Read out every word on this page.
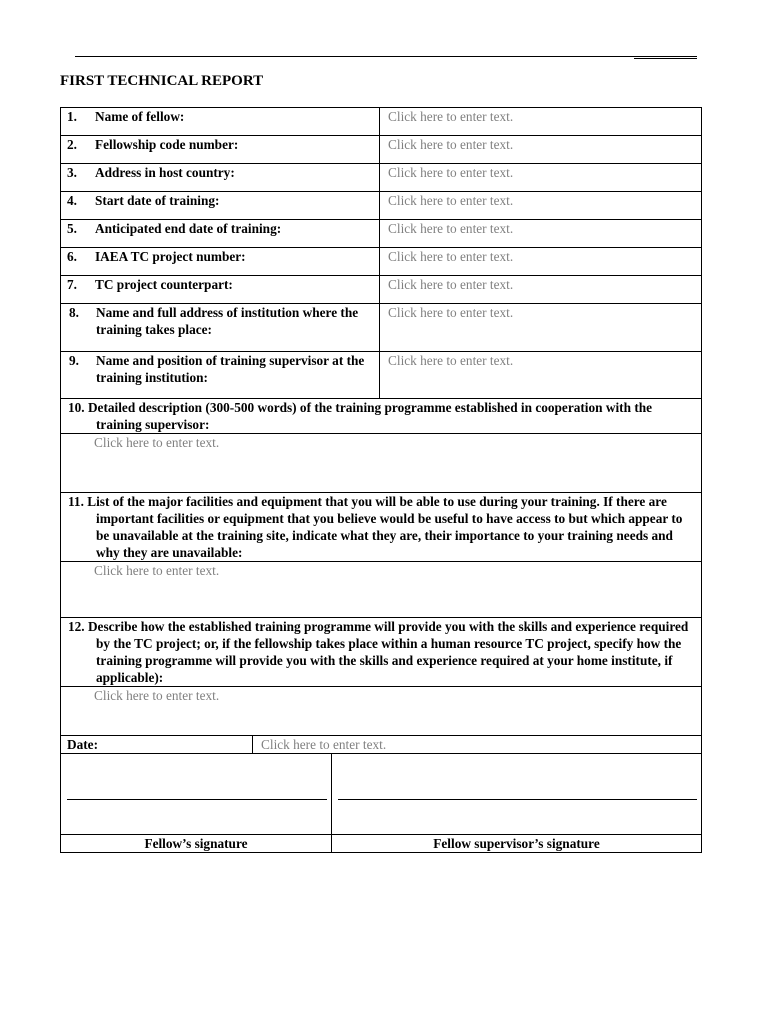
FIRST TECHNICAL REPORT
1. Name of fellow:			Click here to enter text.
2. Fellowship code number:			Click here to enter text.
3. Address in host country:			Click here to enter text.
4. Start date of training:			Click here to enter text.
5. Anticipated end date of training:			Click here to enter text.
6. IAEA TC project number:			Click here to enter text.
7. TC project counterpart:			Click here to enter text.

8. Name and full address of institution where the training takes place:			Click here to enter text.

9. Name and position of training supervisor at the training institution:			Click here to enter text.

10. Detailed description (300-500 words) of the training programme established in cooperation with the training supervisor:			

Click here to enter text.			

11. List of the major facilities and equipment that you will be able to use during your training. If there are important facilities or equipment that you believe would be useful to have access to but which appear to be unavailable at the training site, indicate what they are, their importance to your training needs and why they are unavailable:			

Click here to enter text.			

12. Describe how the established training programme will provide you with the skills and experience required by the TC project; or, if the fellowship takes place within a human resource TC project, specify how the training programme will provide you with the skills and experience required at your home institute, if applicable):			

Click here to enter text.			
Date:	Click here to enter text.		

Fellow’s signature		Fellow supervisor’s signature	
